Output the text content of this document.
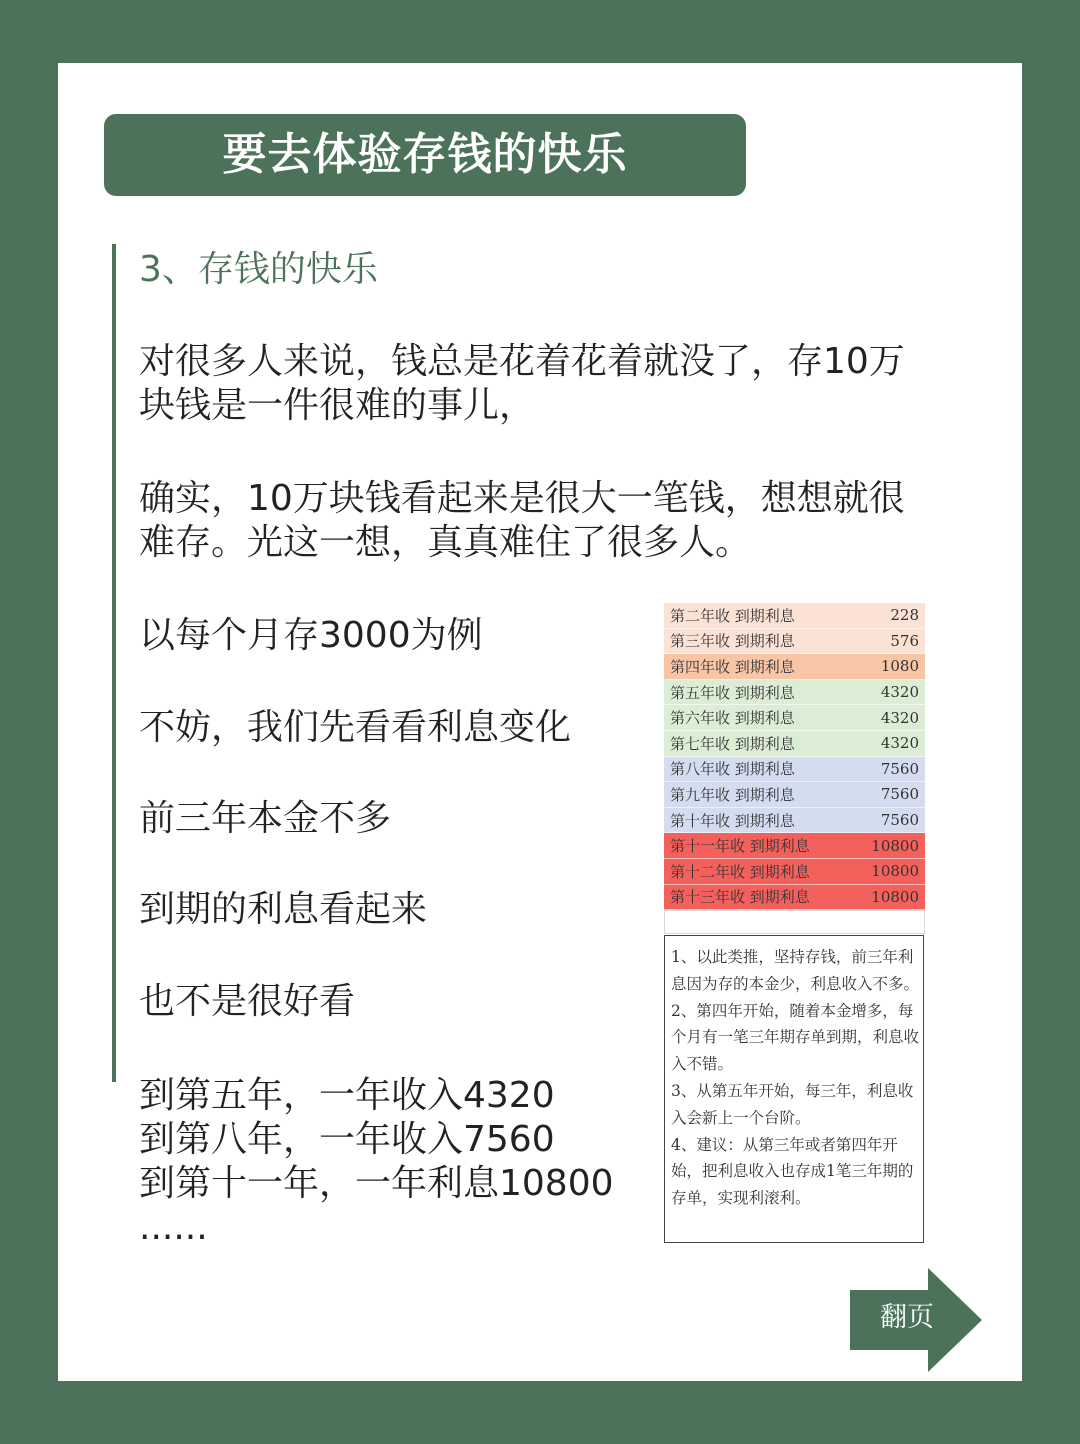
要去体验存钱的快乐
3、存钱的快乐
对很多人来说，钱总是花着花着就没了，存10万
块钱是一件很难的事儿，
确实，10万块钱看起来是很大一笔钱，想想就很
难存。光这一想，真真难住了很多人。
以每个月存3000为例
不妨，我们先看看利息变化
前三年本金不多
到期的利息看起来
也不是很好看
到第五年，一年收入4320
到第八年，一年收入7560
到第十一年，一年利息10800
......
第二年收 到期利息	228
第三年收 到期利息	576
第四年收 到期利息	1080
第五年收 到期利息	4320
第六年收 到期利息	4320
第七年收 到期利息	4320
第八年收 到期利息	7560
第九年收 到期利息	7560
第十年收 到期利息	7560
第十一年收 到期利息	10800
第十二年收 到期利息	10800
第十三年收 到期利息	10800

1、以此类推，坚持存钱，前三年利息因为存的本金少，利息收入不多。

2、第四年开始，随着本金增多，每个月有一笔三年期存单到期，利息收入不错。

3、从第五年开始，每三年，利息收入会新上一个台阶。

4、建议：从第三年或者第四年开始，把利息收入也存成1笔三年期的存单，实现利滚利。

翻页
